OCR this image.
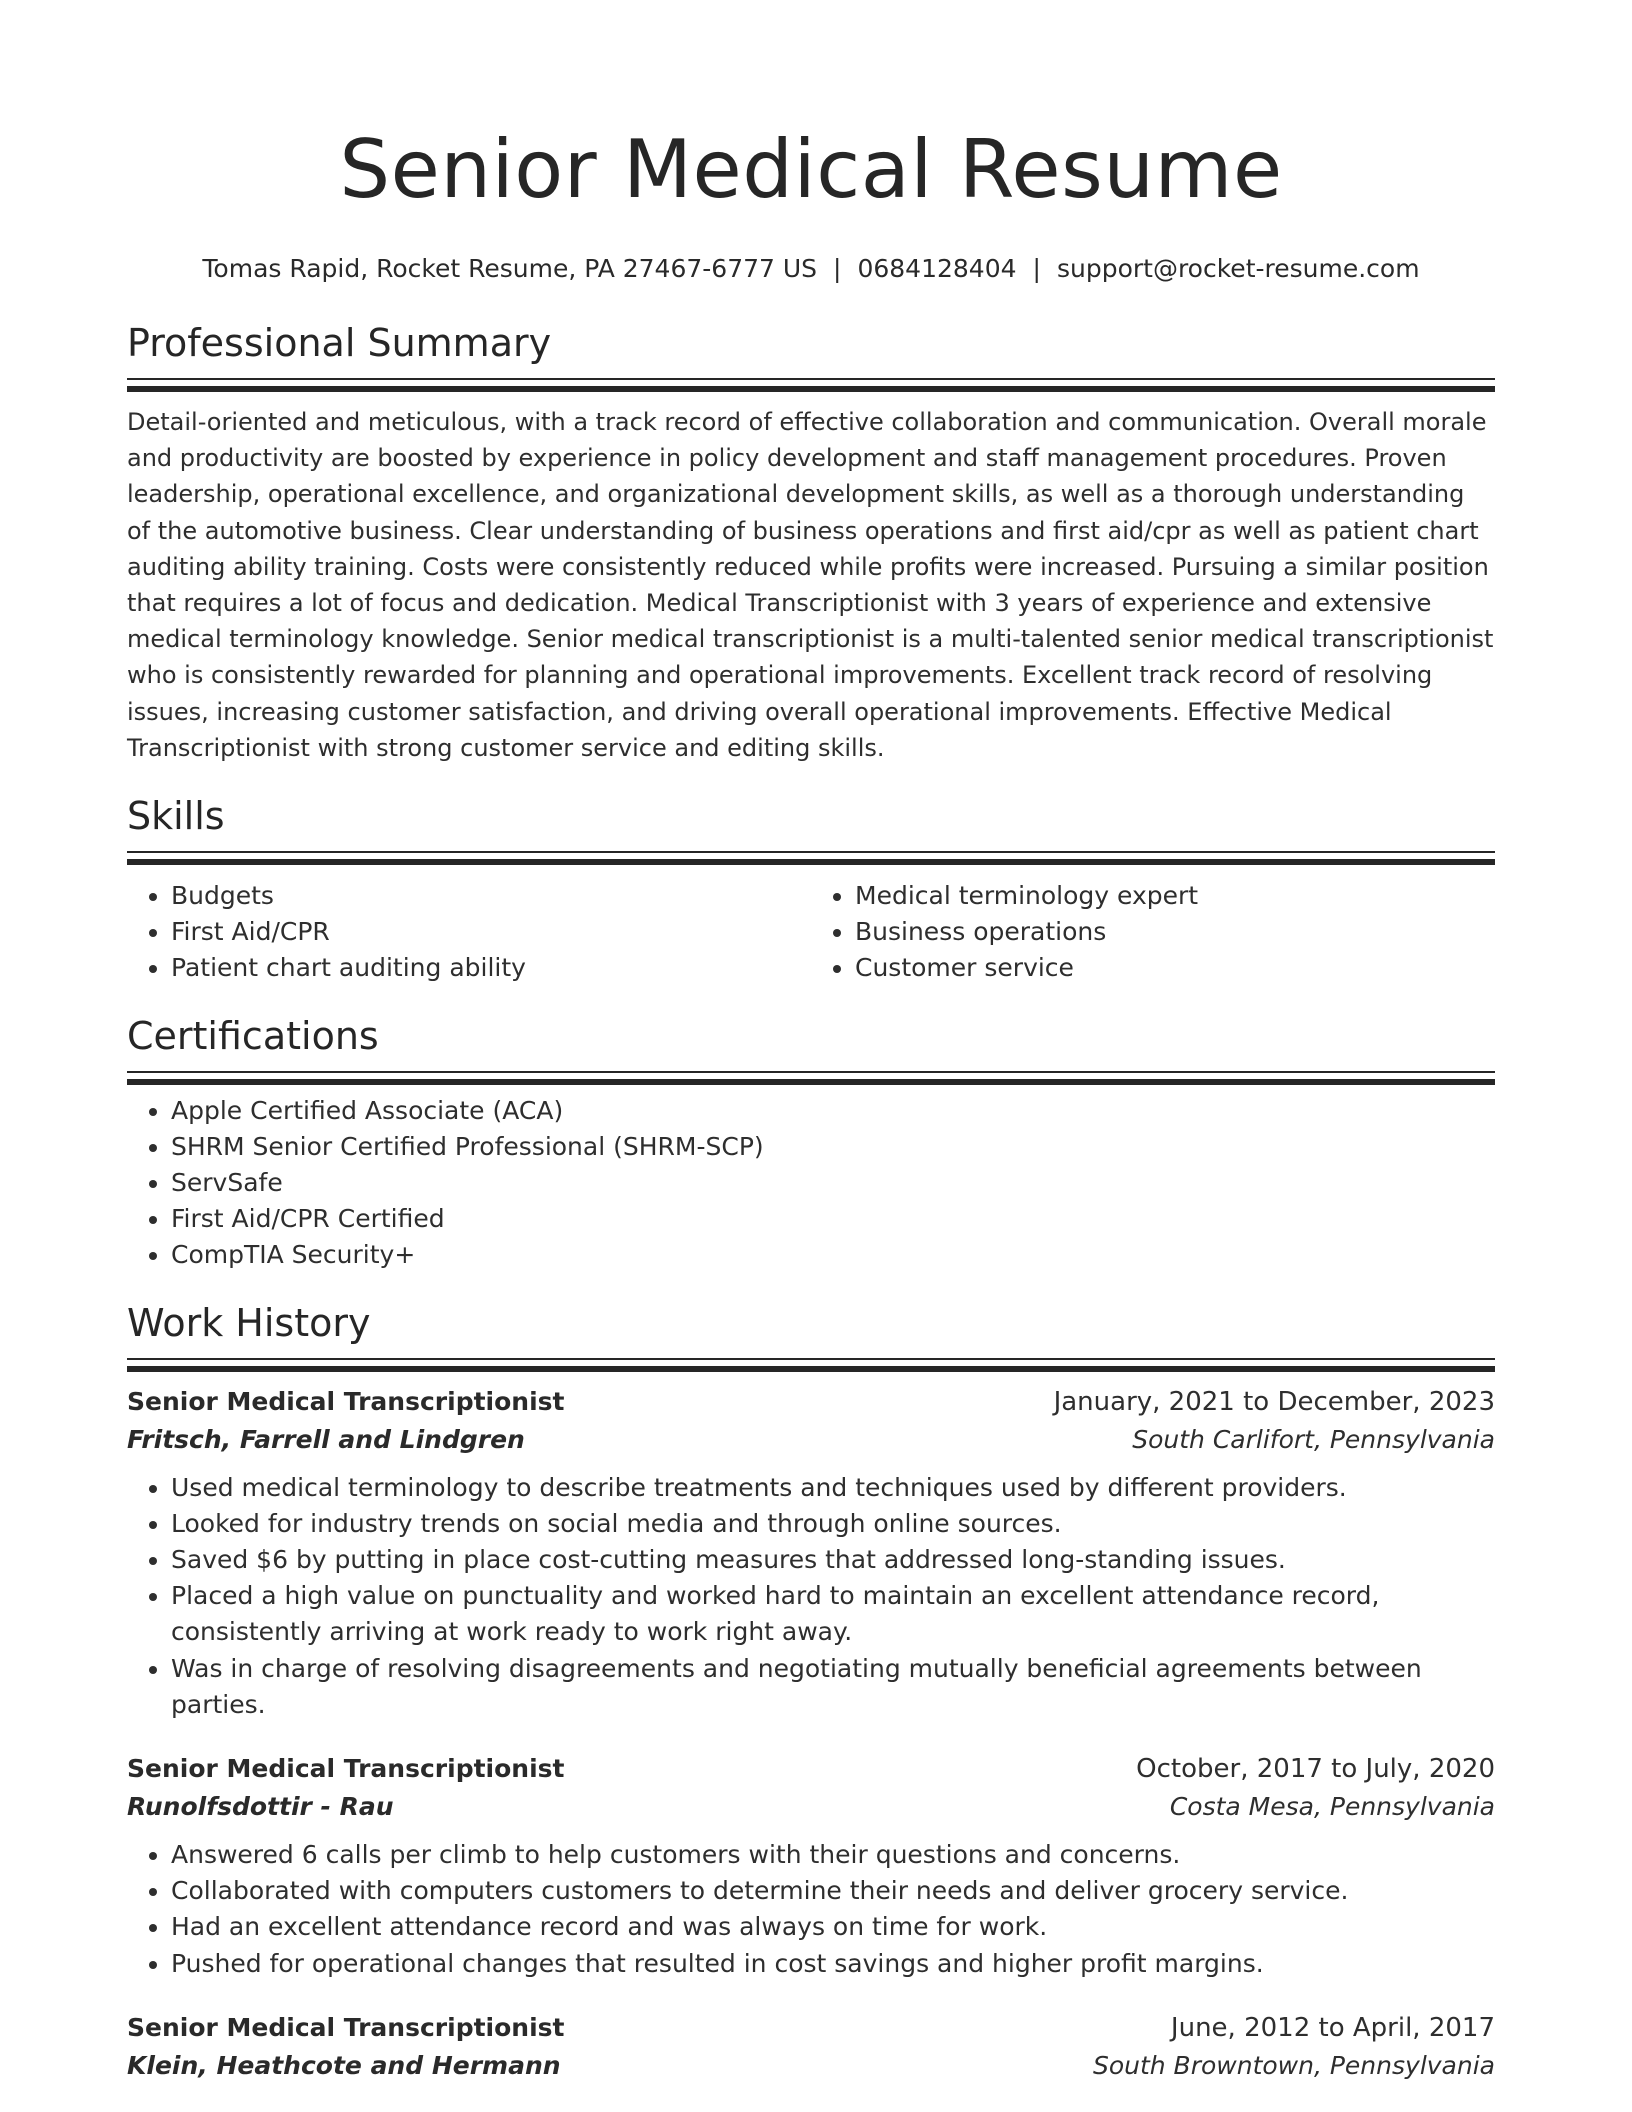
Senior Medical Resume
Tomas Rapid, Rocket Resume, PA 27467-6777 US | 0684128404 | support@rocket-resume.com
Professional Summary
Detail-oriented and meticulous, with a track record of effective collaboration and communication. Overall morale and productivity are boosted by experience in policy development and staff management procedures. Proven leadership, operational excellence, and organizational development skills, as well as a thorough understanding of the automotive business. Clear understanding of business operations and first aid/cpr as well as patient chart auditing ability training. Costs were consistently reduced while profits were increased. Pursuing a similar position that requires a lot of focus and dedication. Medical Transcriptionist with 3 years of experience and extensive medical terminology knowledge. Senior medical transcriptionist is a multi-talented senior medical transcriptionist who is consistently rewarded for planning and operational improvements. Excellent track record of resolving issues, increasing customer satisfaction, and driving overall operational improvements. Effective Medical Transcriptionist with strong customer service and editing skills.
Skills
• Budgets
• First Aid/CPR
• Patient chart auditing ability
• Medical terminology expert
• Business operations
• Customer service
Certifications
• Apple Certified Associate (ACA)
• SHRM Senior Certified Professional (SHRM-SCP)
• ServSafe
• First Aid/CPR Certified
• CompTIA Security+
Work History
Senior Medical Transcriptionist	January, 2021 to December, 2023
Fritsch, Farrell and Lindgren	South Carlifort, Pennsylvania
• Used medical terminology to describe treatments and techniques used by different providers.
• Looked for industry trends on social media and through online sources.
• Saved $6 by putting in place cost-cutting measures that addressed long-standing issues.
• Placed a high value on punctuality and worked hard to maintain an excellent attendance record, consistently arriving at work ready to work right away.
• Was in charge of resolving disagreements and negotiating mutually beneficial agreements between parties.
Senior Medical Transcriptionist	October, 2017 to July, 2020
Runolfsdottir - Rau	Costa Mesa, Pennsylvania
• Answered 6 calls per climb to help customers with their questions and concerns.
• Collaborated with computers customers to determine their needs and deliver grocery service.
• Had an excellent attendance record and was always on time for work.
• Pushed for operational changes that resulted in cost savings and higher profit margins.
Senior Medical Transcriptionist	June, 2012 to April, 2017
Klein, Heathcote and Hermann	South Browntown, Pennsylvania
